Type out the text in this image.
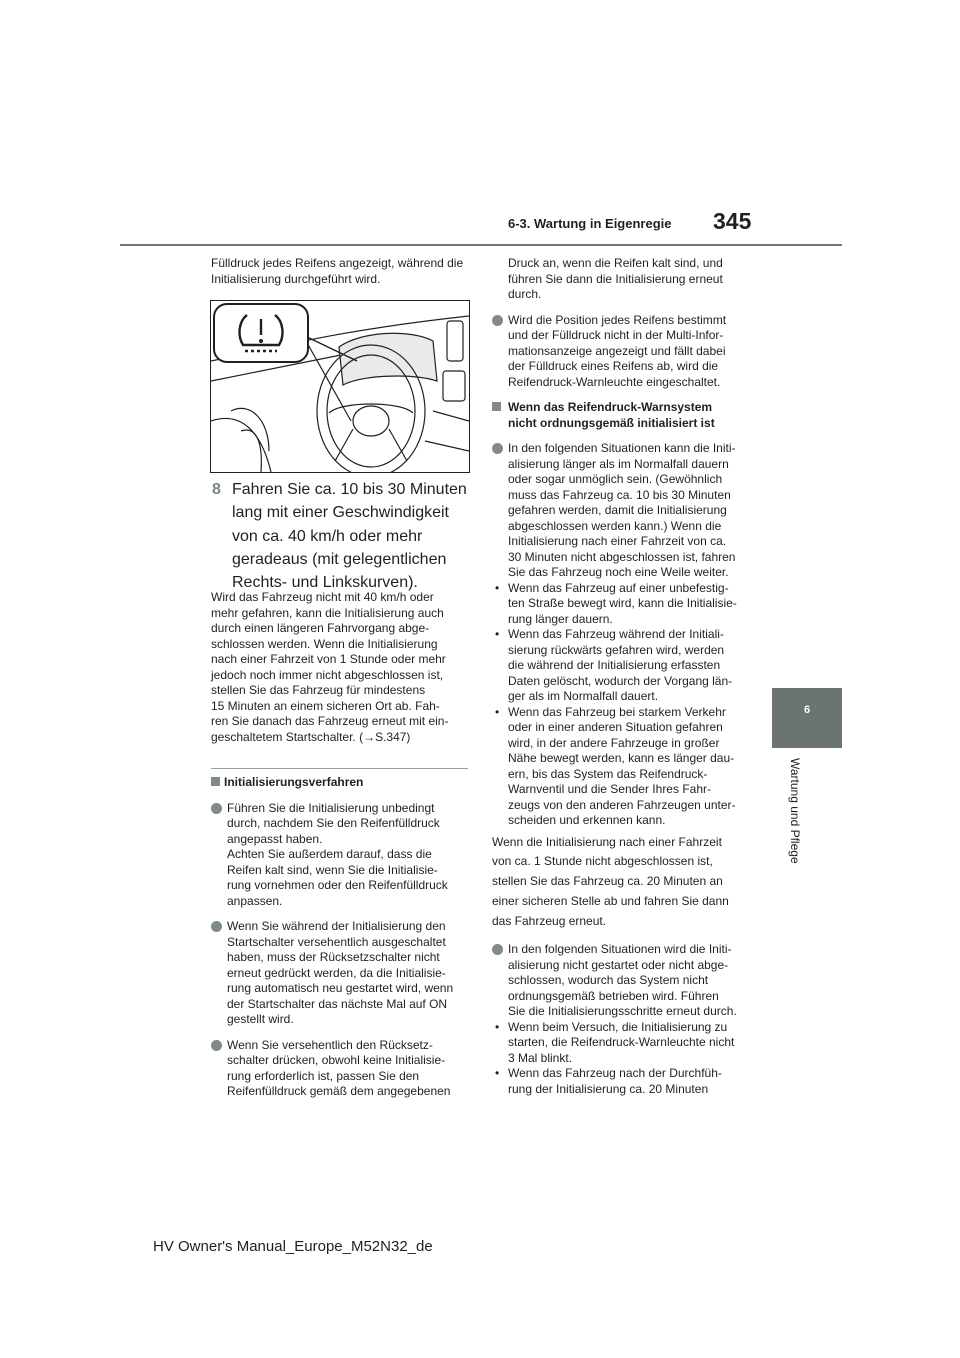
6-3. Wartung in Eigenregie 345
6
Wartung und Pflege

Fülldruck jedes Reifens angezeigt, während die Initialisierung durchgeführt wird.

8 Fahren Sie ca. 10 bis 30 Minuten lang mit einer Geschwindigkeit von ca. 40 km/h oder mehr geradeaus (mit gelegentlichen Rechts- und Linkskurven).

Wird das Fahrzeug nicht mit 40 km/h oder

mehr gefahren, kann die Initialisierung auch

durch einen längeren Fahrvorgang abge-

schlossen werden. Wenn die Initialisierung

nach einer Fahrzeit von 1 Stunde oder mehr

jedoch noch immer nicht abgeschlossen ist,

stellen Sie das Fahrzeug für mindestens

15 Minuten an einem sicheren Ort ab. Fah-

ren Sie danach das Fahrzeug erneut mit ein-

geschaltetem Startschalter. (→S.347)

Initialisierungsverfahren

Führen Sie die Initialisierung unbedingt

durch, nachdem Sie den Reifenfülldruck

angepasst haben.

Achten Sie außerdem darauf, dass die

Reifen kalt sind, wenn Sie die Initialisie-

rung vornehmen oder den Reifenfülldruck

anpassen.

Wenn Sie während der Initialisierung den

Startschalter versehentlich ausgeschaltet

haben, muss der Rücksetzschalter nicht

erneut gedrückt werden, da die Initialisie-

rung automatisch neu gestartet wird, wenn

der Startschalter das nächste Mal auf ON

gestellt wird.

Wenn Sie versehentlich den Rücksetz-

schalter drücken, obwohl keine Initialisie-

rung erforderlich ist, passen Sie den

Reifenfülldruck gemäß dem angegebenen

Druck an, wenn die Reifen kalt sind, und

führen Sie dann die Initialisierung erneut

durch.

Wird die Position jedes Reifens bestimmt

und der Fülldruck nicht in der Multi-Infor-

mationsanzeige angezeigt und fällt dabei

der Fülldruck eines Reifens ab, wird die

Reifendruck-Warnleuchte eingeschaltet.

Wenn das Reifendruck-Warnsystem

nicht ordnungsgemäß initialisiert ist

In den folgenden Situationen kann die Initi-

alisierung länger als im Normalfall dauern

oder sogar unmöglich sein. (Gewöhnlich

muss das Fahrzeug ca. 10 bis 30 Minuten

gefahren werden, damit die Initialisierung

abgeschlossen werden kann.) Wenn die

Initialisierung nach einer Fahrzeit von ca.

30 Minuten nicht abgeschlossen ist, fahren

Sie das Fahrzeug noch eine Weile weiter.

• Wenn das Fahrzeug auf einer unbefestig-

ten Straße bewegt wird, kann die Initialisie-

rung länger dauern.

• Wenn das Fahrzeug während der Initiali-

sierung rückwärts gefahren wird, werden

die während der Initialisierung erfassten

Daten gelöscht, wodurch der Vorgang län-

ger als im Normalfall dauert.

• Wenn das Fahrzeug bei starkem Verkehr

oder in einer anderen Situation gefahren

wird, in der andere Fahrzeuge in großer

Nähe bewegt werden, kann es länger dau-

ern, bis das System das Reifendruck-

Warnventil und die Sender Ihres Fahr-

zeugs von den anderen Fahrzeugen unter-

scheiden und erkennen kann.

Wenn die Initialisierung nach einer Fahrzeit

von ca. 1 Stunde nicht abgeschlossen ist,

stellen Sie das Fahrzeug ca. 20 Minuten an

einer sicheren Stelle ab und fahren Sie dann

das Fahrzeug erneut.

In den folgenden Situationen wird die Initi-

alisierung nicht gestartet oder nicht abge-

schlossen, wodurch das System nicht

ordnungsgemäß betrieben wird. Führen

Sie die Initialisierungsschritte erneut durch.

• Wenn beim Versuch, die Initialisierung zu

starten, die Reifendruck-Warnleuchte nicht

3 Mal blinkt.

• Wenn das Fahrzeug nach der Durchfüh-

rung der Initialisierung ca. 20 Minuten

HV Owner's Manual_Europe_M52N32_de
